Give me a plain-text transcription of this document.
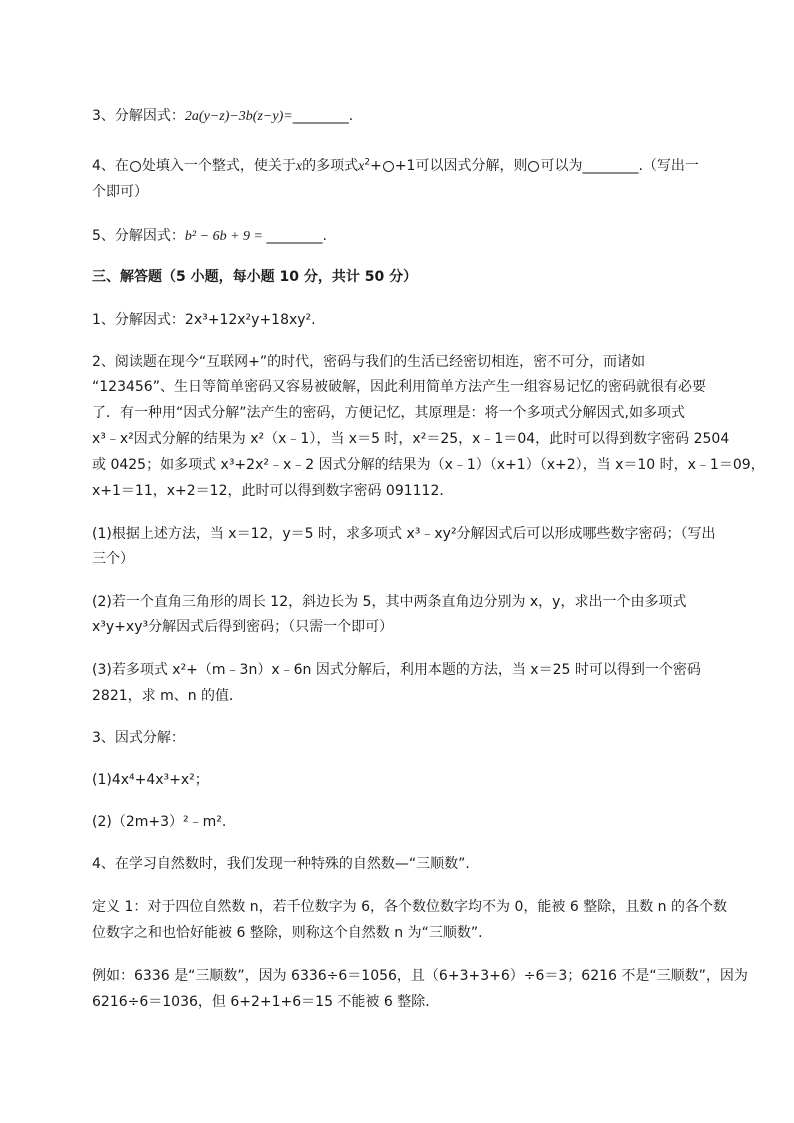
3、分解因式：2a(y−z)−3b(z−y)=________.
4、在 处填入一个整式，使关于x的多项式$x^2+ +1$可以因式分解，则 可以为________.（写出一
个即可）
5、分解因式：b² − 6b + 9 = ________.
三、解答题（5 小题，每小题 10 分，共计 50 分）
1、分解因式：2x³+12x²y+18xy².
2、阅读题在现今“互联网+”的时代，密码与我们的生活已经密切相连，密不可分，而诸如
“123456”、生日等简单密码又容易被破解，因此利用简单方法产生一组容易记忆的密码就很有必要
了．有一种用“因式分解”法产生的密码，方便记忆，其原理是：将一个多项式分解因式,如多项式
x³﹣x²因式分解的结果为 x²（x﹣1），当 x＝5 时，x²＝25，x﹣1＝04，此时可以得到数字密码 2504
或 0425；如多项式 x³+2x²﹣x﹣2 因式分解的结果为（x﹣1）（x+1）（x+2），当 x＝10 时，x﹣1＝09，
x+1＝11，x+2＝12，此时可以得到数字密码 091112．
(1)根据上述方法，当 x＝12，y＝5 时，求多项式 x³﹣xy²分解因式后可以形成哪些数字密码；（写出
三个）
(2)若一个直角三角形的周长 12，斜边长为 5，其中两条直角边分别为 x，y，求出一个由多项式
x³y+xy³分解因式后得到密码；（只需一个即可）
(3)若多项式 x²+（m﹣3n）x﹣6n 因式分解后，利用本题的方法，当 x＝25 时可以得到一个密码
2821，求 m、n 的值．
3、因式分解：
(1)4x⁴+4x³+x²；
(2)（2m+3）²﹣m².
4、在学习自然数时，我们发现一种特殊的自然数—“三顺数”.
定义 1：对于四位自然数 n，若千位数字为 6，各个数位数字均不为 0，能被 6 整除，且数 n 的各个数
位数字之和也恰好能被 6 整除，则称这个自然数 n 为“三顺数”.
例如：6336 是“三顺数”，因为 6336÷6＝1056，且（6+3+3+6）÷6＝3；6216 不是“三顺数”，因为
6216÷6＝1036，但 6+2+1+6＝15 不能被 6 整除．
